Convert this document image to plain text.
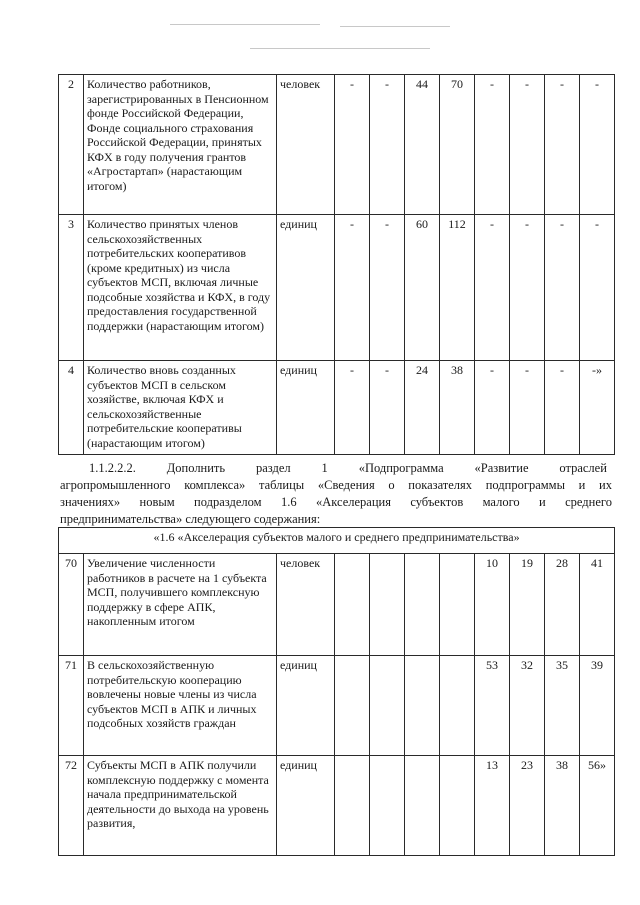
2	Количество работников, зарегистрированных в Пенсионном фонде Российской Федерации, Фонде социального страхования Российской Федерации, принятых КФХ в году получения грантов «Агростартап» (нарастающим итогом)	человек	-	-	44	70	-	-	-	-
3	Количество принятых членов сельскохозяйственных потребительских кооперативов (кроме кредитных) из числа субъектов МСП, включая личные подсобные хозяйства и КФХ, в году предоставления государственной поддержки (нарастающим итогом)	единиц	-	-	60	112	-	-	-	-
4	Количество вновь созданных субъектов МСП в сельском хозяйстве, включая КФХ и сельскохозяйственные потребительские кооперативы (нарастающим итогом)	единиц	-	-	24	38	-	-	-	-»
1.1.2.2.2. Дополнить раздел 1 «Подпрограмма «Развитие отраслей
агропромышленного комплекса» таблицы «Сведения о показателях подпрограммы и их
значениях» новым подразделом 1.6 «Акселерация субъектов малого и среднего
предпринимательства» следующего содержания:
«1.6 «Акселерация субъектов малого и среднего предпринимательства»										
70	Увеличение численности работников в расчете на 1 субъекта МСП, получившего комплексную поддержку в сфере АПК, накопленным итогом	человек					10	19	28	41
71	В сельскохозяйственную потребительскую кооперацию вовлечены новые члены из числа субъектов МСП в АПК и личных подсобных хозяйств граждан	единиц					53	32	35	39
72	Субъекты МСП в АПК получили комплексную поддержку с момента начала предпринимательской деятельности до выхода на уровень развития,	единиц					13	23	38	56»
